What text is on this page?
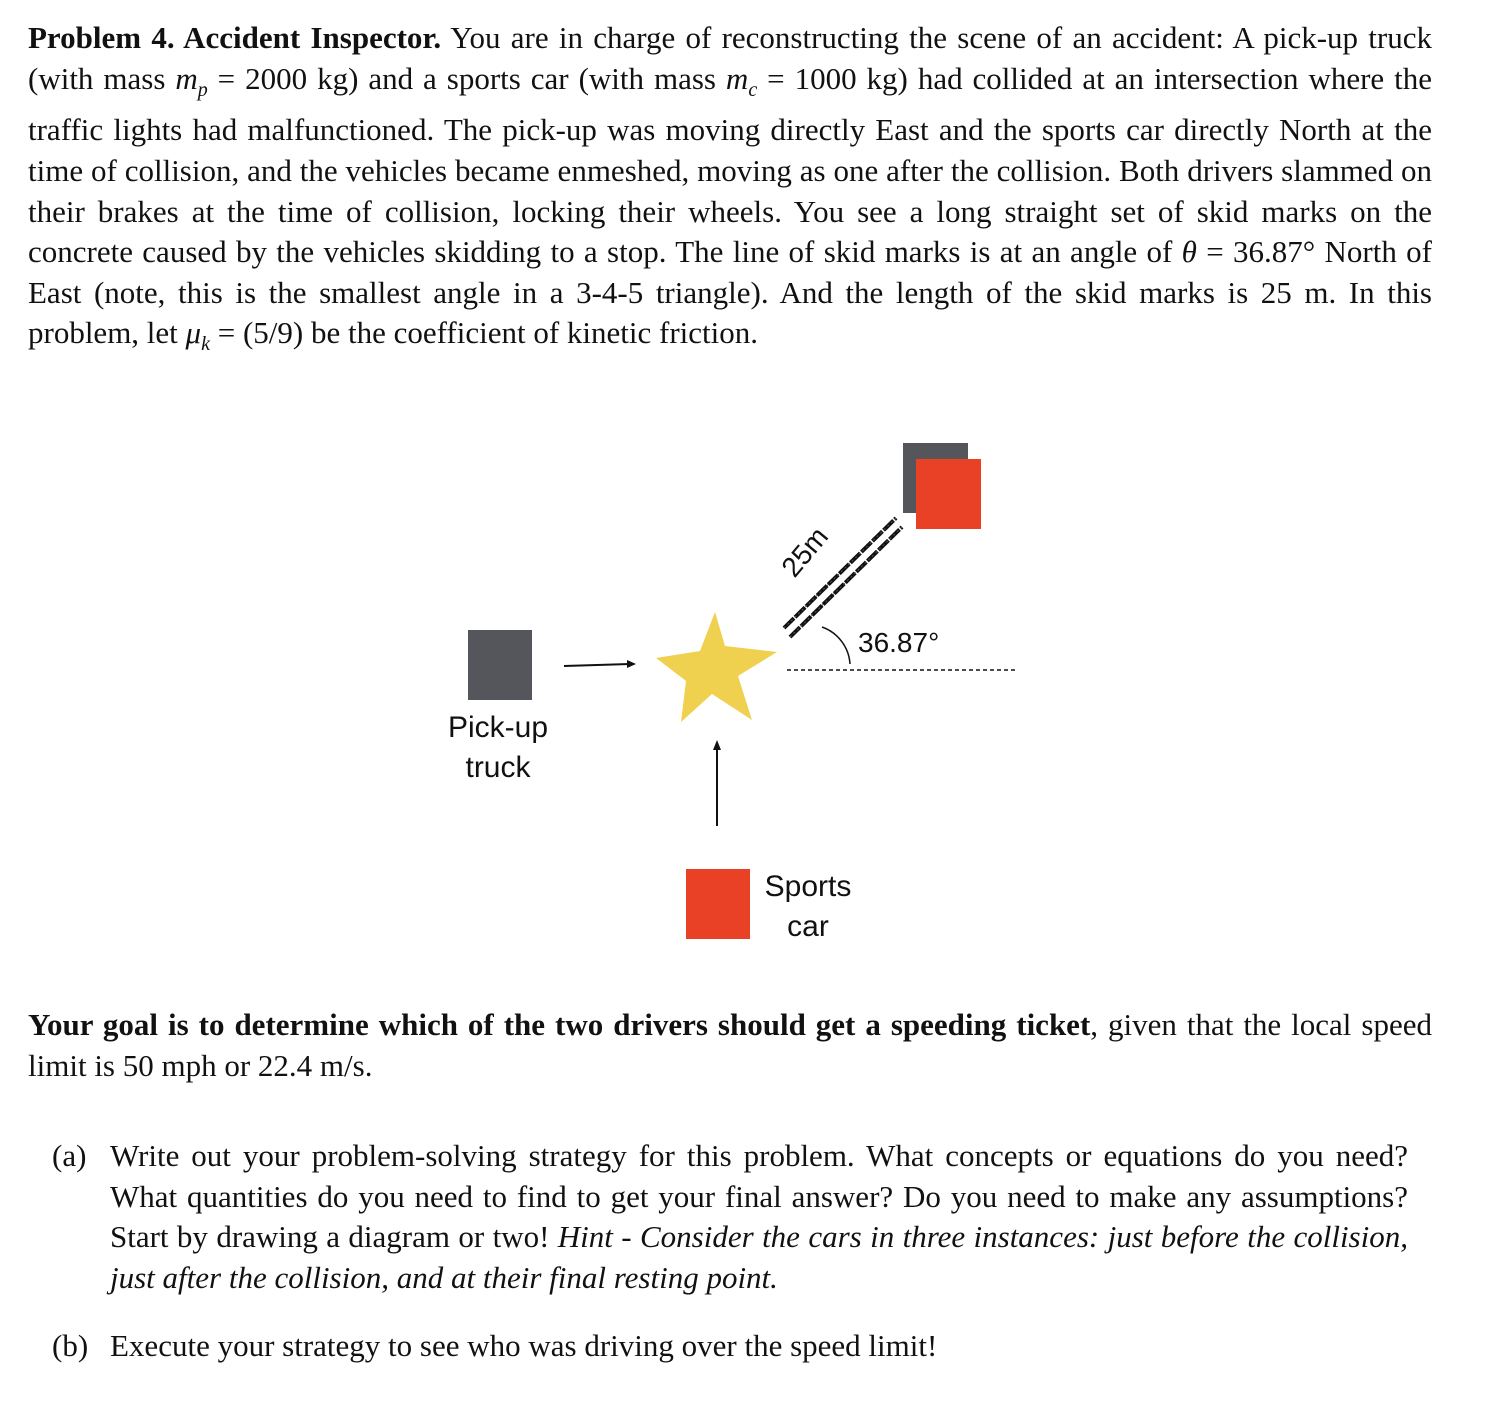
Problem 4. Accident Inspector. You are in charge of reconstructing the scene of an accident: A pick-up truck (with mass $m_p = 2000$ kg) and a sports car (with mass $m_c = 1000$ kg) had collided at an intersection where the traffic lights had malfunctioned. The pick-up was moving directly East and the sports car directly North at the time of collision, and the vehicles became enmeshed, moving as one after the collision. Both drivers slammed on their brakes at the time of collision, locking their wheels. You see a long straight set of skid marks on the concrete caused by the vehicles skidding to a stop. The line of skid marks is at an angle of θ = 36.87° North of East (note, this is the smallest angle in a 3-4-5 triangle). And the length of the skid marks is 25 m. In this problem, let $\mu_k = (5/9)$ be the coefficient of kinetic friction.

Pick-up
truck
Sports
car
25m
36.87°

Your goal is to determine which of the two drivers should get a speeding ticket, given that the local speed limit is 50 mph or 22.4 m/s.

(a) Write out your problem-solving strategy for this problem. What concepts or equations do you need? What quantities do you need to find to get your final answer? Do you need to make any assumptions? Start by drawing a diagram or two! Hint - Consider the cars in three instances: just before the collision, just after the collision, and at their final resting point.

(b) Execute your strategy to see who was driving over the speed limit!
